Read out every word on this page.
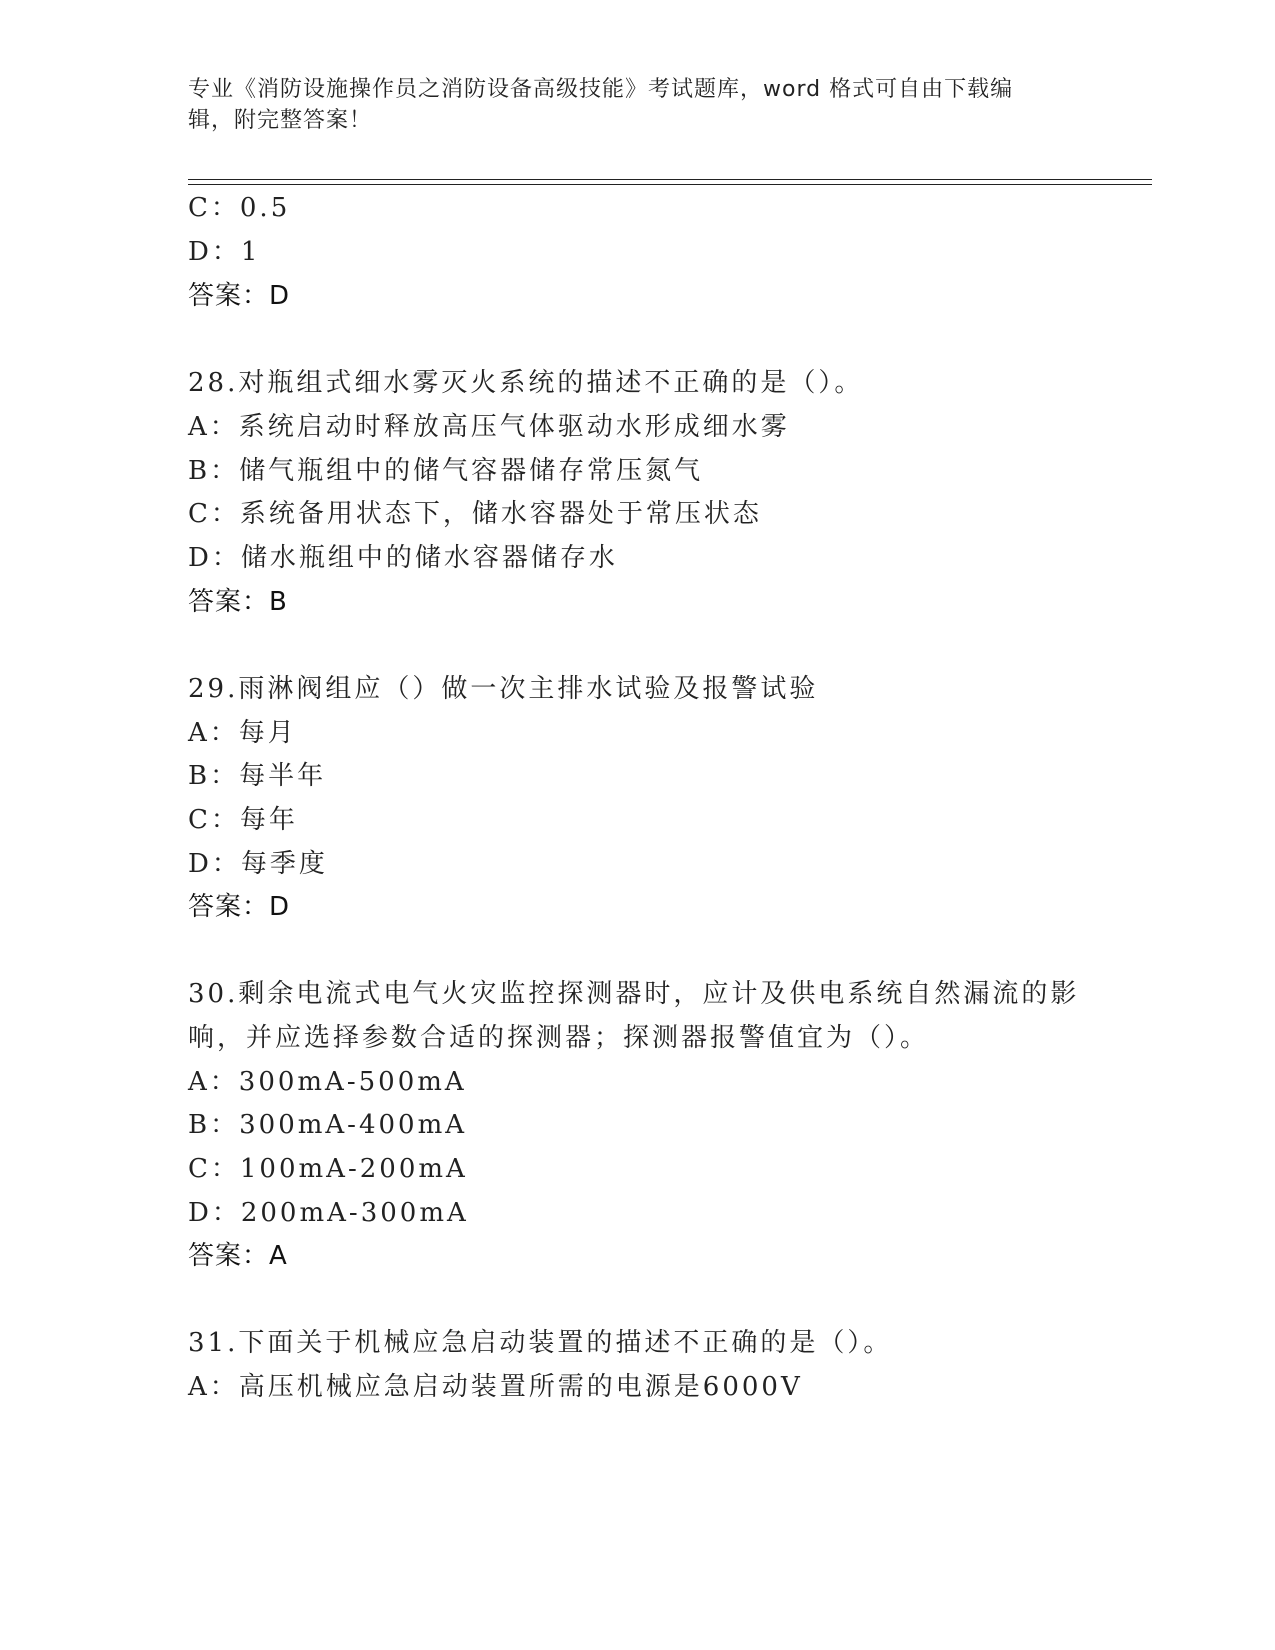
专业《消防设施操作员之消防设备高级技能》考试题库，word 格式可自由下载编
辑，附完整答案！
C：0.5
D：1
答案：D
28.对瓶组式细水雾灭火系统的描述不正确的是（）。
A：系统启动时释放高压气体驱动水形成细水雾
B：储气瓶组中的储气容器储存常压氮气
C：系统备用状态下，储水容器处于常压状态
D：储水瓶组中的储水容器储存水
答案：B
29.雨淋阀组应（）做一次主排水试验及报警试验
A：每月
B：每半年
C：每年
D：每季度
答案：D
30.剩余电流式电气火灾监控探测器时，应计及供电系统自然漏流的影
响，并应选择参数合适的探测器；探测器报警值宜为（）。
A：300mA-500mA
B：300mA-400mA
C：100mA-200mA
D：200mA-300mA
答案：A
31.下面关于机械应急启动装置的描述不正确的是（）。
A：高压机械应急启动装置所需的电源是6000V
